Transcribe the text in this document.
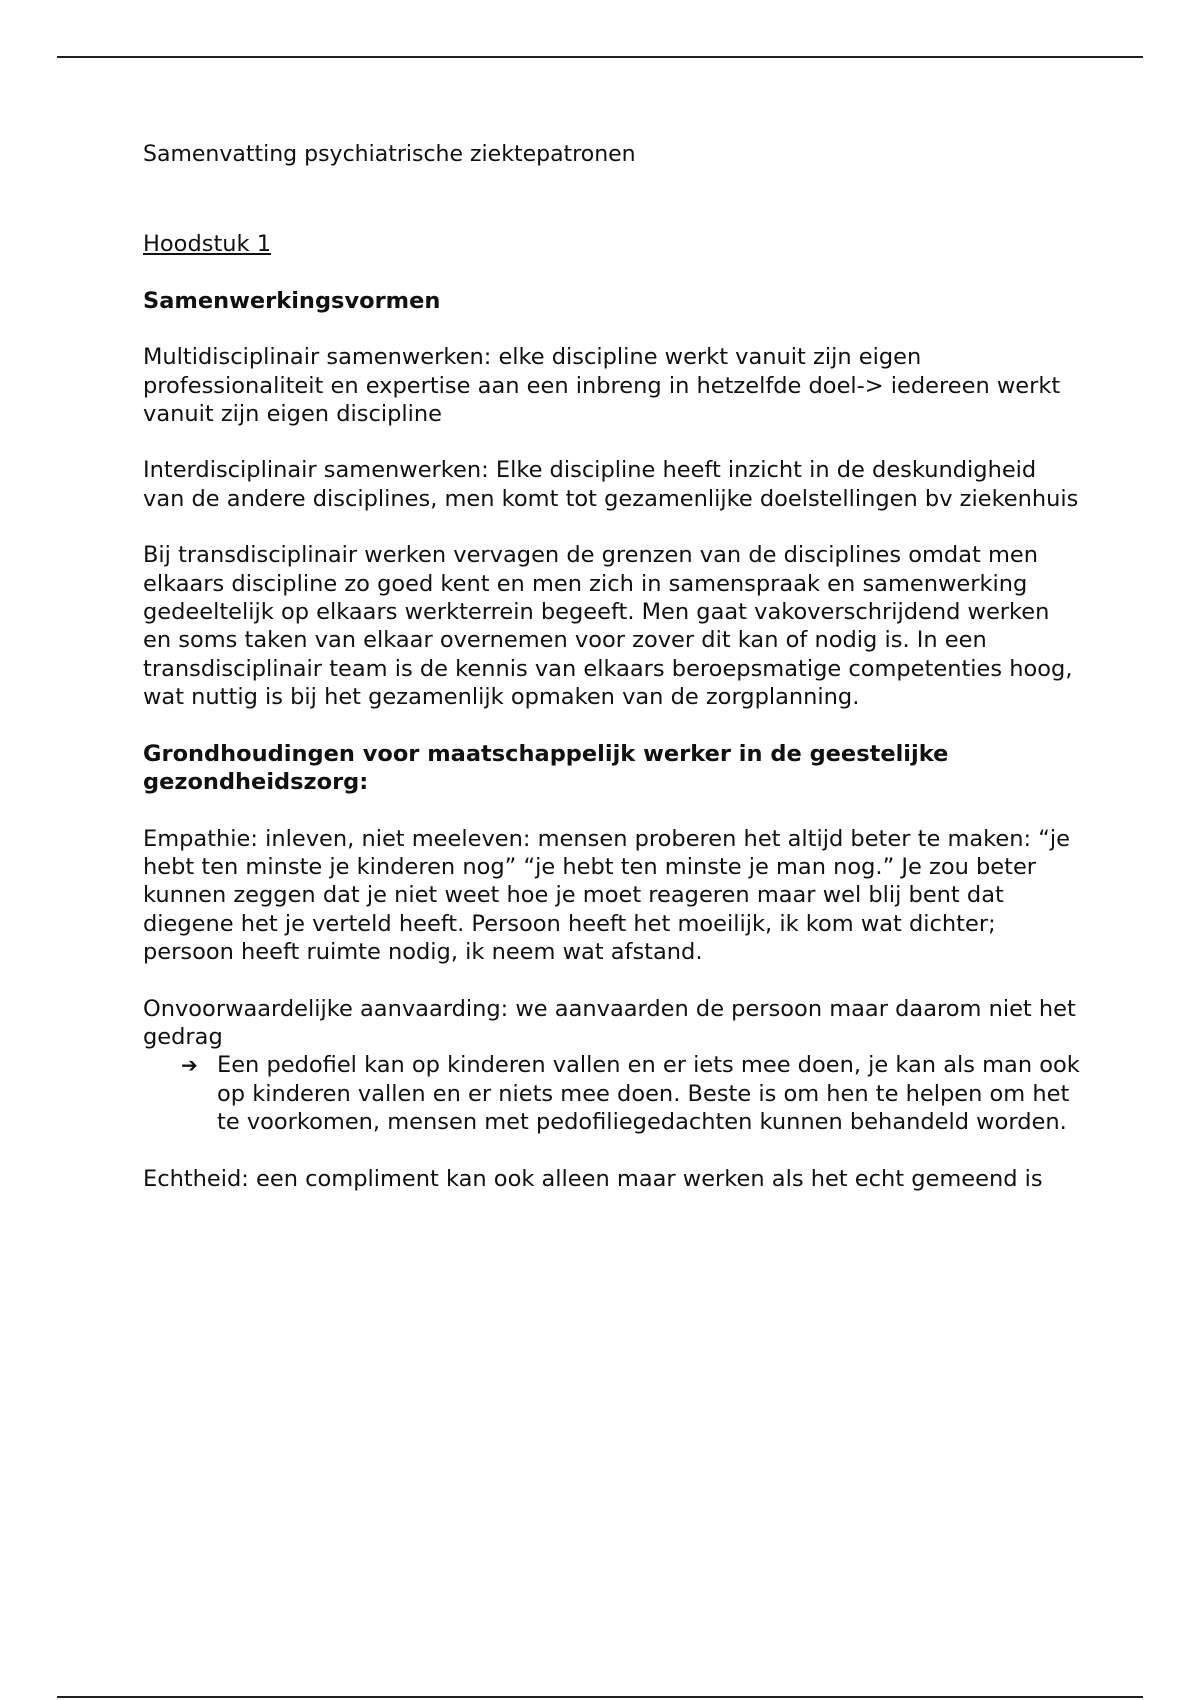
Samenvatting psychiatrische ziektepatronen

Hoodstuk 1

Samenwerkingsvormen

Multidisciplinair samenwerken: elke discipline werkt vanuit zijn eigen professionaliteit en expertise aan een inbreng in hetzelfde doel-> iedereen werkt vanuit zijn eigen discipline

Interdisciplinair samenwerken: Elke discipline heeft inzicht in de deskundigheid van de andere disciplines, men komt tot gezamenlijke doelstellingen bv ziekenhuis

Bij transdisciplinair werken vervagen de grenzen van de disciplines omdat men elkaars discipline zo goed kent en men zich in samenspraak en samenwerking gedeeltelijk op elkaars werkterrein begeeft. Men gaat vakoverschrijdend werken en soms taken van elkaar overnemen voor zover dit kan of nodig is. In een transdisciplinair team is de kennis van elkaars beroepsmatige competenties hoog, wat nuttig is bij het gezamenlijk opmaken van de zorgplanning.

Grondhoudingen voor maatschappelijk werker in de geestelijke gezondheidszorg:

Empathie: inleven, niet meeleven: mensen proberen het altijd beter te maken: “je hebt ten minste je kinderen nog” “je hebt ten minste je man nog.” Je zou beter kunnen zeggen dat je niet weet hoe je moet reageren maar wel blij bent dat diegene het je verteld heeft. Persoon heeft het moeilijk, ik kom wat dichter; persoon heeft ruimte nodig, ik neem wat afstand.

Onvoorwaardelijke aanvaarding: we aanvaarden de persoon maar daarom niet het gedrag

➔ Een pedofiel kan op kinderen vallen en er iets mee doen, je kan als man ook op kinderen vallen en er niets mee doen. Beste is om hen te helpen om het te voorkomen, mensen met pedofiliegedachten kunnen behandeld worden.

Echtheid: een compliment kan ook alleen maar werken als het echt gemeend is
